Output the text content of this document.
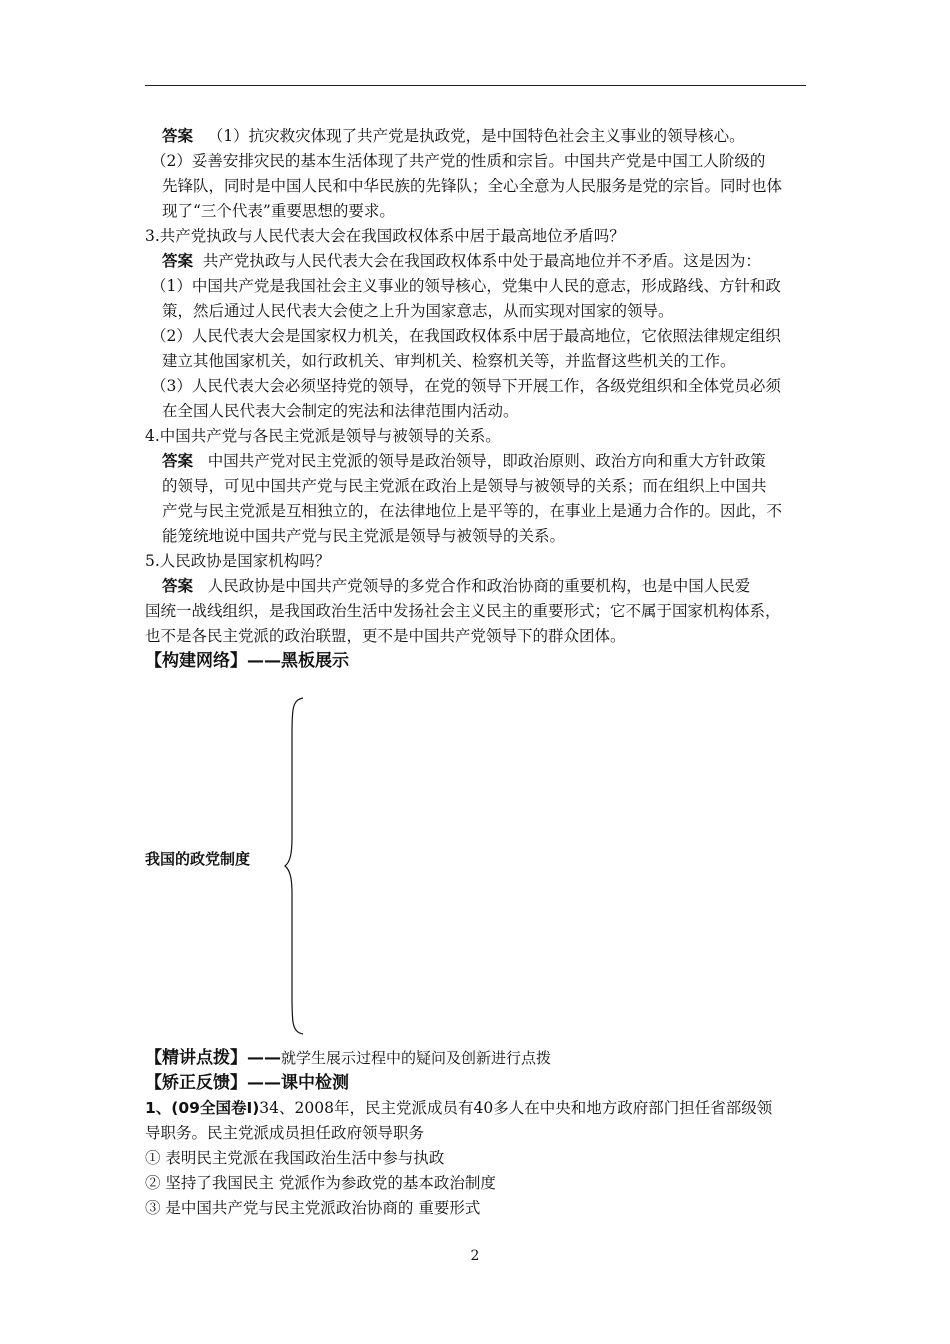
答案 （1）抗灾救灾体现了共产党是执政党，是中国特色社会主义事业的领导核心。
（2）妥善安排灾民的基本生活体现了共产党的性质和宗旨。中国共产党是中国工人阶级的
先锋队，同时是中国人民和中华民族的先锋队；全心全意为人民服务是党的宗旨。同时也体
现了“三个代表”重要思想的要求。
3.共产党执政与人民代表大会在我国政权体系中居于最高地位矛盾吗？
答案 共产党执政与人民代表大会在我国政权体系中处于最高地位并不矛盾。这是因为：
（1）中国共产党是我国社会主义事业的领导核心，党集中人民的意志，形成路线、方针和政
策，然后通过人民代表大会使之上升为国家意志，从而实现对国家的领导。
（2）人民代表大会是国家权力机关，在我国政权体系中居于最高地位，它依照法律规定组织
建立其他国家机关，如行政机关、审判机关、检察机关等，并监督这些机关的工作。
（3）人民代表大会必须坚持党的领导，在党的领导下开展工作，各级党组织和全体党员必须
在全国人民代表大会制定的宪法和法律范围内活动。
4.中国共产党与各民主党派是领导与被领导的关系。
答案 中国共产党对民主党派的领导是政治领导，即政治原则、政治方向和重大方针政策
的领导，可见中国共产党与民主党派在政治上是领导与被领导的关系；而在组织上中国共
产党与民主党派是互相独立的，在法律地位上是平等的，在事业上是通力合作的。因此，不
能笼统地说中国共产党与民主党派是领导与被领导的关系。
5.人民政协是国家机构吗？
答案 人民政协是中国共产党领导的多党合作和政治协商的重要机构，也是中国人民爱
国统一战线组织，是我国政治生活中发扬社会主义民主的重要形式；它不属于国家机构体系，
也不是各民主党派的政治联盟，更不是中国共产党领导下的群众团体。
【构建网络】——黑板展示
我国的政党制度
【精讲点拨】——就学生展示过程中的疑问及创新进行点拨
【矫正反馈】——课中检测
1、(09全国卷Ⅰ)34、2008年，民主党派成员有40多人在中央和地方政府部门担任省部级领
导职务。民主党派成员担任政府领导职务
① 表明民主党派在我国政治生活中参与执政
② 坚持了我国民主 党派作为参政党的基本政治制度
③ 是中国共产党与民主党派政治协商的 重要形式
2
